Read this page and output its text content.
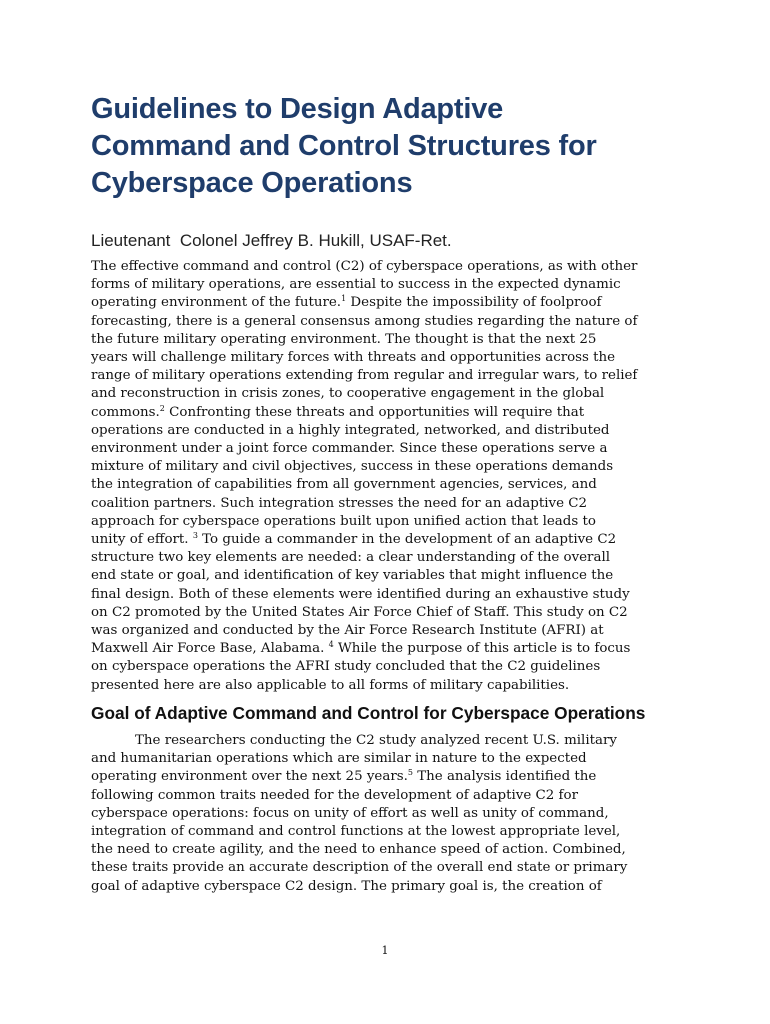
Guidelines to Design Adaptive
Command and Control Structures for
Cyberspace Operations
Lieutenant  Colonel Jeffrey B. Hukill, USAF-Ret.
The effective command and control (C2) of cyberspace operations, as with other
forms of military operations, are essential to success in the expected dynamic
operating environment of the future.$^1$ Despite the impossibility of foolproof
forecasting, there is a general consensus among studies regarding the nature of
the future military operating environment. The thought is that the next 25
years will challenge military forces with threats and opportunities across the
range of military operations extending from regular and irregular wars, to relief
and reconstruction in crisis zones, to cooperative engagement in the global
commons.$^2$ Confronting these threats and opportunities will require that
operations are conducted in a highly integrated, networked, and distributed
environment under a joint force commander. Since these operations serve a
mixture of military and civil objectives, success in these operations demands
the integration of capabilities from all government agencies, services, and
coalition partners. Such integration stresses the need for an adaptive C2
approach for cyberspace operations built upon unified action that leads to
unity of effort. $^3$ To guide a commander in the development of an adaptive C2
structure two key elements are needed: a clear understanding of the overall
end state or goal, and identification of key variables that might influence the
final design. Both of these elements were identified during an exhaustive study
on C2 promoted by the United States Air Force Chief of Staff. This study on C2
was organized and conducted by the Air Force Research Institute (AFRI) at
Maxwell Air Force Base, Alabama. $^4$ While the purpose of this article is to focus
on cyberspace operations the AFRI study concluded that the C2 guidelines
presented here are also applicable to all forms of military capabilities.
Goal of Adaptive Command and Control for Cyberspace Operations
The researchers conducting the C2 study analyzed recent U.S. military
and humanitarian operations which are similar in nature to the expected
operating environment over the next 25 years.$^5$ The analysis identified the
following common traits needed for the development of adaptive C2 for
cyberspace operations: focus on unity of effort as well as unity of command,
integration of command and control functions at the lowest appropriate level,
the need to create agility, and the need to enhance speed of action. Combined,
these traits provide an accurate description of the overall end state or primary
goal of adaptive cyberspace C2 design. The primary goal is, the creation of
1
